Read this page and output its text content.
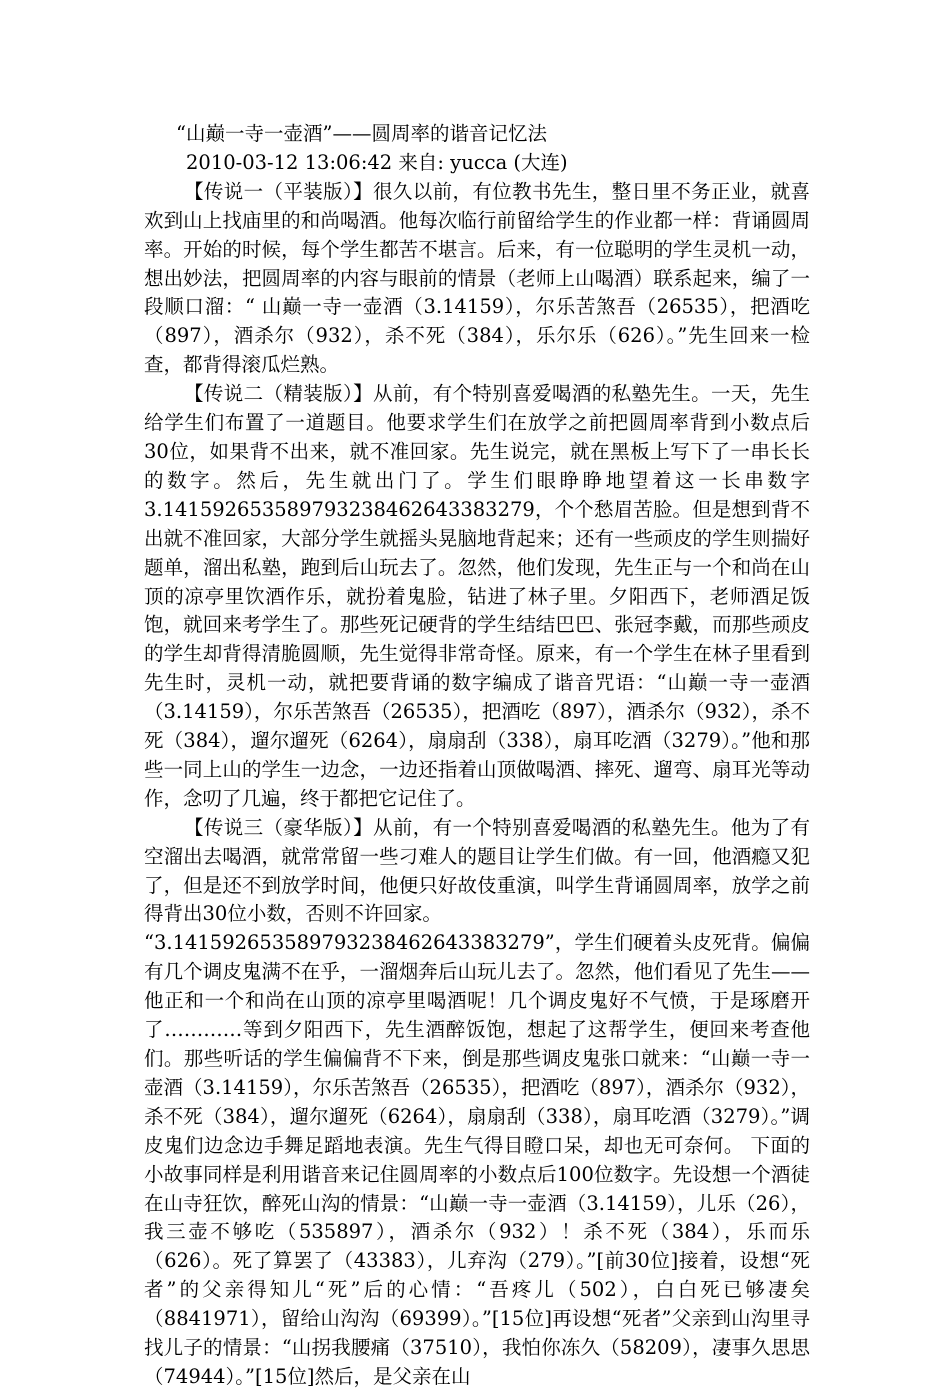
“山巅一寺一壶酒”——圆周率的谐音记忆法

2010-03-12 13:06:42 来自: yucca (大连)

【传说一（平装版）】很久以前，有位教书先生，整日里不务正业，就喜欢到山上找庙里的和尚喝酒。他每次临行前留给学生的作业都一样：背诵圆周率。开始的时候，每个学生都苦不堪言。后来，有一位聪明的学生灵机一动，想出妙法，把圆周率的内容与眼前的情景（老师上山喝酒）联系起来，编了一段顺口溜：“ 山巅一寺一壶酒（3.14159），尔乐苦煞吾（26535），把酒吃（897），酒杀尔（932），杀不死（384），乐尔乐（626）。”先生回来一检查，都背得滚瓜烂熟。

【传说二（精装版）】从前，有个特别喜爱喝酒的私塾先生。一天，先生给学生们布置了一道题目。他要求学生们在放学之前把圆周率背到小数点后30位，如果背不出来，就不准回家。先生说完，就在黑板上写下了一串长长的数字。然后，先生就出门了。学生们眼睁睁地望着这一长串数字3.141592653589793238462643383279，个个愁眉苦脸。但是想到背不出就不准回家，大部分学生就摇头晃脑地背起来；还有一些顽皮的学生则揣好题单，溜出私塾，跑到后山玩去了。忽然，他们发现，先生正与一个和尚在山顶的凉亭里饮酒作乐，就扮着鬼脸，钻进了林子里。夕阳西下，老师酒足饭饱，就回来考学生了。那些死记硬背的学生结结巴巴、张冠李戴，而那些顽皮的学生却背得清脆圆顺，先生觉得非常奇怪。原来，有一个学生在林子里看到先生时，灵机一动，就把要背诵的数字编成了谐音咒语：“山巅一寺一壶酒（3.14159），尔乐苦煞吾（26535），把酒吃（897），酒杀尔（932），杀不死（384），遛尔遛死（6264），扇扇刮（338），扇耳吃酒（3279）。”他和那些一同上山的学生一边念，一边还指着山顶做喝酒、摔死、遛弯、扇耳光等动作，念叨了几遍，终于都把它记住了。

【传说三（豪华版）】从前，有一个特别喜爱喝酒的私塾先生。他为了有空溜出去喝酒，就常常留一些刁难人的题目让学生们做。有一回，他酒瘾又犯了，但是还不到放学时间，他便只好故伎重演，叫学生背诵圆周率，放学之前得背出30位小数，否则不许回家。

“3.141592653589793238462643383279”，学生们硬着头皮死背。偏偏有几个调皮鬼满不在乎，一溜烟奔后山玩儿去了。忽然，他们看见了先生——他正和一个和尚在山顶的凉亭里喝酒呢！几个调皮鬼好不气愤，于是琢磨开了…………等到夕阳西下，先生酒醉饭饱，想起了这帮学生，便回来考查他们。那些听话的学生偏偏背不下来，倒是那些调皮鬼张口就来：“山巅一寺一壶酒（3.14159），尔乐苦煞吾（26535），把酒吃（897），酒杀尔（932），杀不死（384），遛尔遛死（6264），扇扇刮（338），扇耳吃酒（3279）。”调皮鬼们边念边手舞足蹈地表演。先生气得目瞪口呆，却也无可奈何。 下面的小故事同样是利用谐音来记住圆周率的小数点后100位数字。先设想一个酒徒在山寺狂饮，醉死山沟的情景：“山巅一寺一壶酒（3.14159），儿乐（26），我三壶不够吃（535897），酒杀尔（932）！杀不死（384），乐而乐（626）。死了算罢了（43383），儿弃沟（279）。”[前30位]接着，设想“死者”的父亲得知儿“死”后的心情：“吾疼儿（502），白白死已够凄矣（8841971），留给山沟沟（69399）。”[15位]再设想“死者”父亲到山沟里寻找儿子的情景：“山拐我腰痛（37510），我怕你冻久（58209），凄事久思思（74944）。”[15位]然后，是父亲在山
